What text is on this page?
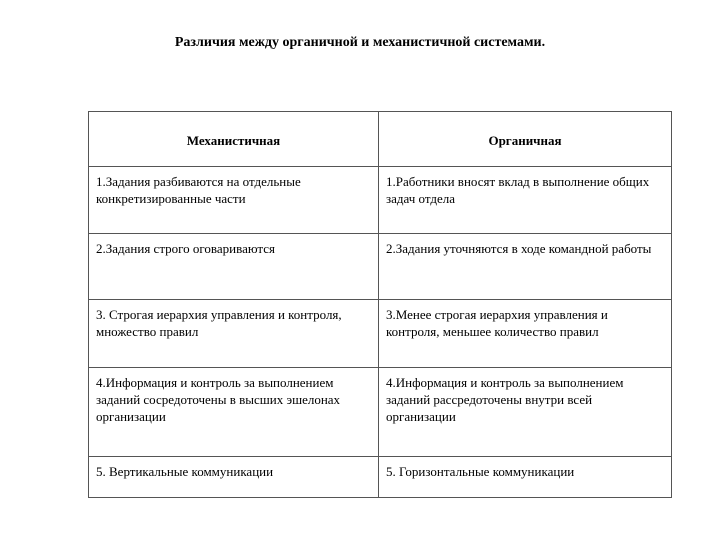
Различия между органичной и механистичной системами.
Механистичная	Органичная
1.Задания разбиваются на отдельные конкретизированные части	1.Работники вносят вклад в выполнение общих задач отдела
2.Задания строго оговариваются	2.Задания уточняются в ходе командной работы
3. Строгая иерархия управления и контроля, множество правил	3.Менее строгая иерархия управления и контроля, меньшее количество правил
4.Информация и контроль за выполнением заданий сосредоточены в высших эшелонах организации	4.Информация и контроль за выполнением заданий рассредоточены внутри всей организации
5. Вертикальные коммуникации	5. Горизонтальные коммуникации
